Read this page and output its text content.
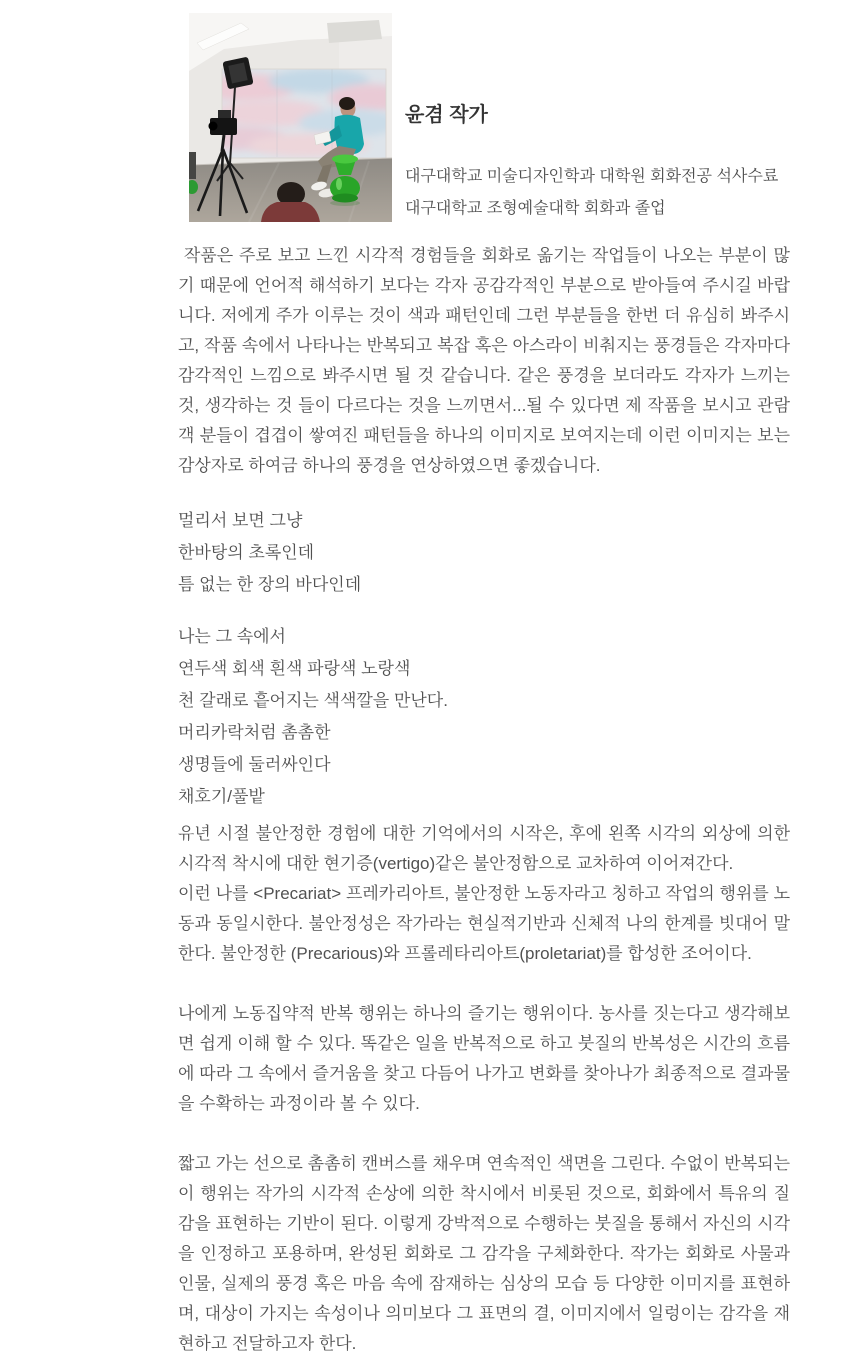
윤겸 작가
대구대학교 미술디자인학과 대학원 회화전공 석사수료
대구대학교 조형예술대학 회화과 졸업
작품은 주로 보고 느낀 시각적 경험들을 회화로 옮기는 작업들이 나오는 부분이 많기 때문에 언어적 해석하기 보다는 각자 공감각적인 부분으로 받아들여 주시길 바랍니다. 저에게 주가 이루는 것이 색과 패턴인데 그런 부분들을 한번 더 유심히 봐주시고, 작품 속에서 나타나는 반복되고 복잡 혹은 아스라이 비춰지는 풍경들은 각자마다 감각적인 느낌으로 봐주시면 될 것 같습니다. 같은 풍경을 보더라도 각자가 느끼는 것, 생각하는 것 들이 다르다는 것을 느끼면서...될 수 있다면 제 작품을 보시고 관람객 분들이 겹겹이 쌓여진 패턴들을 하나의 이미지로 보여지는데 이런 이미지는 보는 감상자로 하여금 하나의 풍경을 연상하였으면 좋겠습니다.
멀리서 보면 그냥
한바탕의 초록인데
틈 없는 한 장의 바다인데
나는 그 속에서
연두색 회색 흰색 파랑색 노랑색
천 갈래로 흩어지는 색색깔을 만난다.
머리카락처럼 촘촘한
생명들에 둘러싸인다
채호기/풀밭
유년 시절 불안정한 경험에 대한 기억에서의 시작은, 후에 왼쪽 시각의 외상에 의한 시각적 착시에 대한 현기증(vertigo)같은 불안정함으로 교차하여 이어져간다.
이런 나를 <Precariat> 프레카리아트, 불안정한 노동자라고 칭하고 작업의 행위를 노동과 동일시한다. 불안정성은 작가라는 현실적기반과 신체적 나의 한계를 빗대어 말한다. 불안정한 (Precarious)와 프롤레타리아트(proletariat)를 합성한 조어이다.
나에게 노동집약적 반복 행위는 하나의 즐기는 행위이다. 농사를 짓는다고 생각해보면 쉽게 이해 할 수 있다. 똑같은 일을 반복적으로 하고 붓질의 반복성은 시간의 흐름에 따라 그 속에서 즐거움을 찾고 다듬어 나가고 변화를 찾아나가 최종적으로 결과물을 수확하는 과정이라 볼 수 있다.
짧고 가는 선으로 촘촘히 캔버스를 채우며 연속적인 색면을 그린다. 수없이 반복되는 이 행위는 작가의 시각적 손상에 의한 착시에서 비롯된 것으로, 회화에서 특유의 질감을 표현하는 기반이 된다. 이렇게 강박적으로 수행하는 붓질을 통해서 자신의 시각을 인정하고 포용하며, 완성된 회화로 그 감각을 구체화한다. 작가는 회화로 사물과 인물, 실제의 풍경 혹은 마음 속에 잠재하는 심상의 모습 등 다양한 이미지를 표현하며, 대상이 가지는 속성이나 의미보다 그 표면의 결, 이미지에서 일렁이는 감각을 재현하고 전달하고자 한다.
